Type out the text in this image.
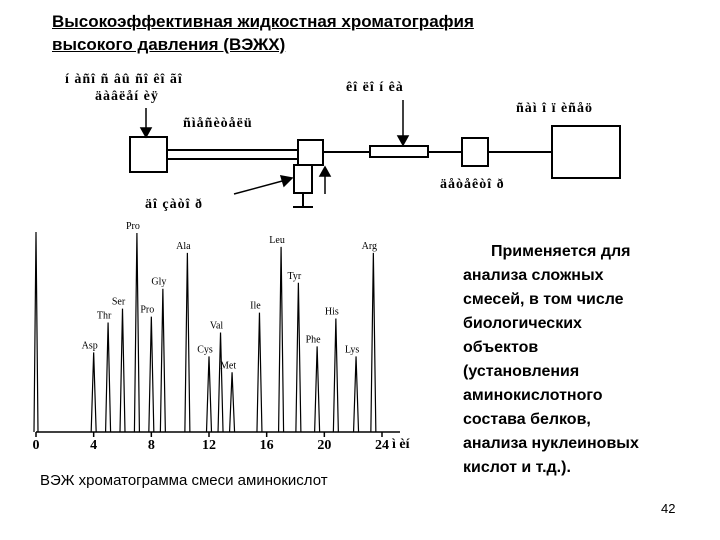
Высокоэффективная жидкостная хроматография
высокого давления (ВЭЖХ)
í àñî ñ âû ñî êî ãî
äàâëåí èÿ
êî ëî í êà
ñàì î ï èñåö
ñìåñèòåëü
äî çàòî ð
äåòåêòî ð
0	4	8	12	16	20	24
Asp
Thr
Ser
Pro
Pro
Gly
Ala
Cys
Val
Met
Ile
Leu
Tyr
Phe
His
Lys
Arg
ì èí
Применяется для
анализа сложных
смесей, в том числе
биологических
объектов
(установления
аминокислотного
состава белков,
анализа нуклеиновых
кислот и т.д.).
ВЭЖ хроматограмма смеси аминокислот
42
